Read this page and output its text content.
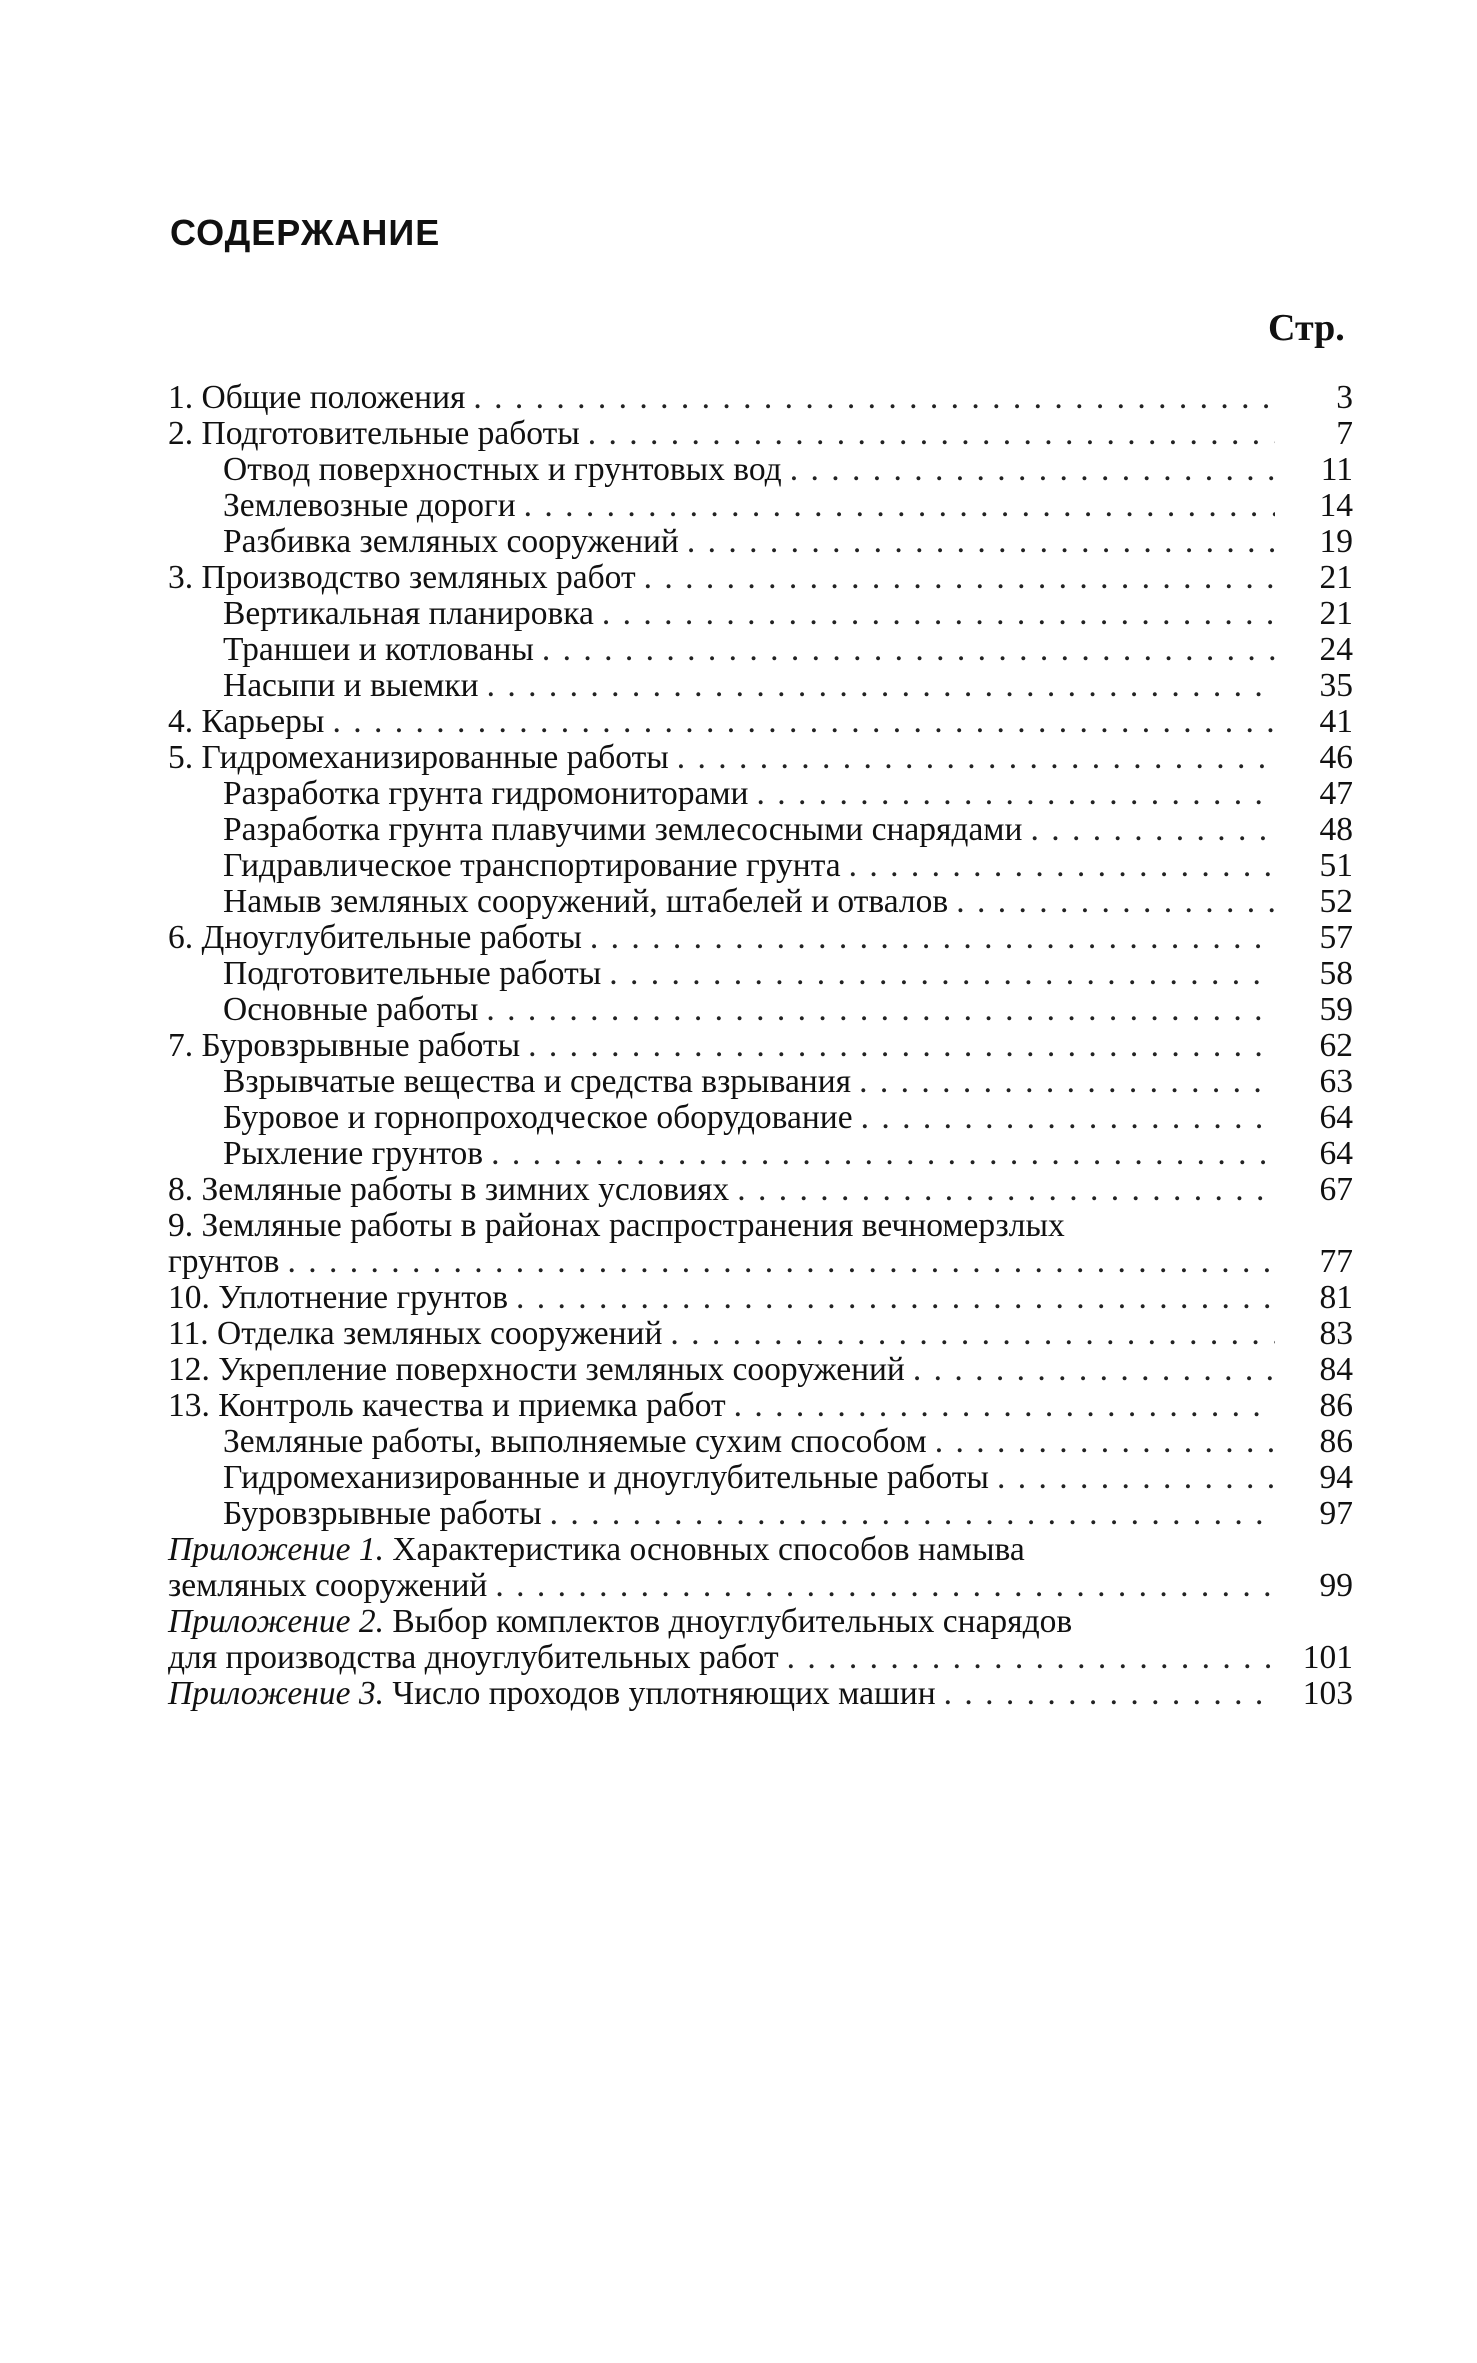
СОДЕРЖАНИЕ
Стр.
1. Общие положения . . .	3
2. Подготовительные работы . . .	7
Отвод поверхностных и грунтовых вод . . .	11
Землевозные дороги . . .	14
Разбивка земляных сооружений . . .	19
3. Производство земляных работ . . .	21
Вертикальная планировка . . .	21
Траншеи и котлованы . . .	24
Насыпи и выемки . . .	35
4. Карьеры . . .	41
5. Гидромеханизированные работы . . .	46
Разработка грунта гидромониторами . . .	47
Разработка грунта плавучими землесосными снарядами . . .	48
Гидравлическое транспортирование грунта . . .	51
Намыв земляных сооружений, штабелей и отвалов . . .	52
6. Дноуглубительные работы . . .	57
Подготовительные работы . . .	58
Основные работы . . .	59
7. Буровзрывные работы . . .	62
Взрывчатые вещества и средства взрывания . . .	63
Буровое и горнопроходческое оборудование . . .	64
Рыхление грунтов . . .	64
8. Земляные работы в зимних условиях . . .	67
9. Земляные работы в районах распространения вечномерзлых
грунтов . . .	77
10. Уплотнение грунтов . . .	81
11. Отделка земляных сооружений . . .	83
12. Укрепление поверхности земляных сооружений . . .	84
13. Контроль качества и приемка работ . . .	86
Земляные работы, выполняемые сухим способом . . .	86
Гидромеханизированные и дноуглубительные работы . . .	94
Буровзрывные работы . . .	97
Приложение 1. Характеристика основных способов намыва
земляных сооружений . . .	99
Приложение 2. Выбор комплектов дноуглубительных снарядов
для производства дноуглубительных работ . . .	101
Приложение 3. Число проходов уплотняющих машин . . .	103
